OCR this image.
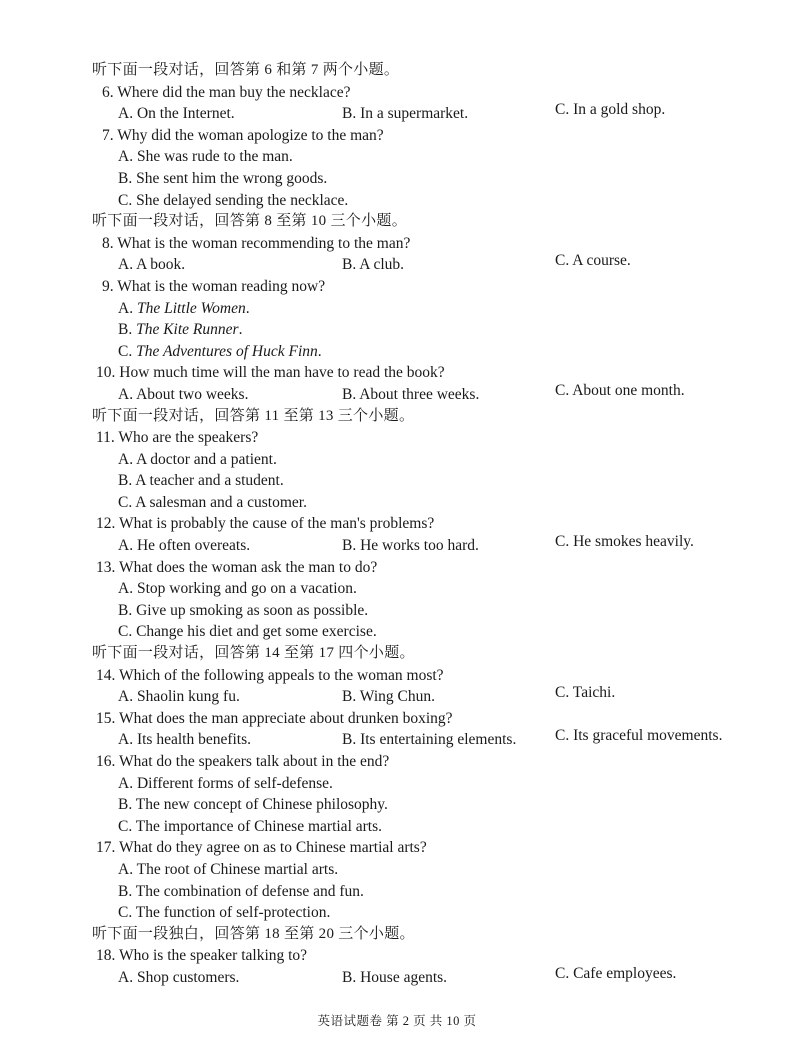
听下面一段对话，回答第 6 和第 7 两个小题。
6. Where did the man buy the necklace?
A. On the Internet.	B. In a supermarket.	C. In a gold shop.
7. Why did the woman apologize to the man?
A. She was rude to the man.
B. She sent him the wrong goods.
C. She delayed sending the necklace.
听下面一段对话，回答第 8 至第 10 三个小题。
8. What is the woman recommending to the man?
A. A book.	B. A club.	C. A course.
9. What is the woman reading now?
A. The Little Women.
B. The Kite Runner.
C. The Adventures of Huck Finn.
10. How much time will the man have to read the book?
A. About two weeks.	B. About three weeks.	C. About one month.
听下面一段对话，回答第 11 至第 13 三个小题。
11. Who are the speakers?
A. A doctor and a patient.
B. A teacher and a student.
C. A salesman and a customer.
12. What is probably the cause of the man's problems?
A. He often overeats.	B. He works too hard.	C. He smokes heavily.
13. What does the woman ask the man to do?
A. Stop working and go on a vacation.
B. Give up smoking as soon as possible.
C. Change his diet and get some exercise.
听下面一段对话，回答第 14 至第 17 四个小题。
14. Which of the following appeals to the woman most?
A. Shaolin kung fu.	B. Wing Chun.	C. Taichi.
15. What does the man appreciate about drunken boxing?
A. Its health benefits.	B. Its entertaining elements. C. Its graceful movements.
16. What do the speakers talk about in the end?
A. Different forms of self-defense.
B. The new concept of Chinese philosophy.
C. The importance of Chinese martial arts.
17. What do they agree on as to Chinese martial arts?
A. The root of Chinese martial arts.
B. The combination of defense and fun.
C. The function of self-protection.
听下面一段独白，回答第 18 至第 20 三个小题。
18. Who is the speaker talking to?
A. Shop customers.	B. House agents.	C. Cafe employees.
英语试题卷 第 2 页 共 10 页
